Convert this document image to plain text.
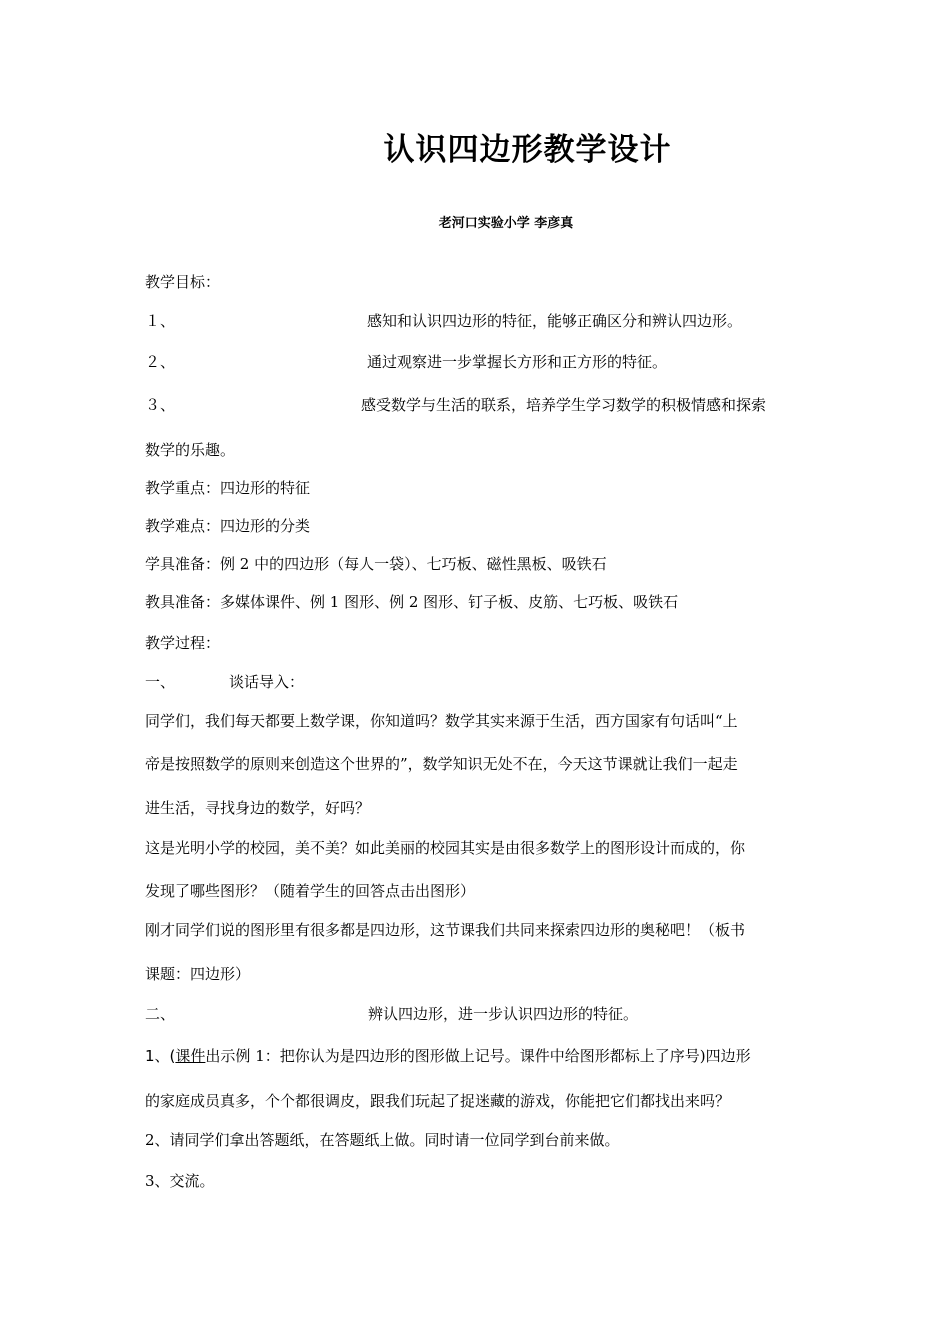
认识四边形教学设计
老河口实验小学 李彦真
教学目标：
１、	感知和认识四边形的特征，能够正确区分和辨认四边形。
２、	通过观察进一步掌握长方形和正方形的特征。
３、	感受数学与生活的联系，培养学生学习数学的积极情感和探索
数学的乐趣。
教学重点：四边形的特征
教学难点：四边形的分类
学具准备：例 2 中的四边形（每人一袋）、七巧板、磁性黑板、吸铁石
教具准备：多媒体课件、例 1 图形、例 2 图形、钉子板、皮筋、七巧板、吸铁石
教学过程：
一、	谈话导入：
同学们，我们每天都要上数学课，你知道吗？数学其实来源于生活，西方国家有句话叫“上
帝是按照数学的原则来创造这个世界的”，数学知识无处不在，今天这节课就让我们一起走
进生活，寻找身边的数学，好吗？
这是光明小学的校园，美不美？如此美丽的校园其实是由很多数学上的图形设计而成的，你
发现了哪些图形？（随着学生的回答点击出图形）
刚才同学们说的图形里有很多都是四边形，这节课我们共同来探索四边形的奥秘吧！（板书
课题：四边形）
二、	辨认四边形，进一步认识四边形的特征。
1、(课件出示例 1：把你认为是四边形的图形做上记号。课件中给图形都标上了序号)四边形
的家庭成员真多，个个都很调皮，跟我们玩起了捉迷藏的游戏，你能把它们都找出来吗？
2、请同学们拿出答题纸，在答题纸上做。同时请一位同学到台前来做。
3、交流。
